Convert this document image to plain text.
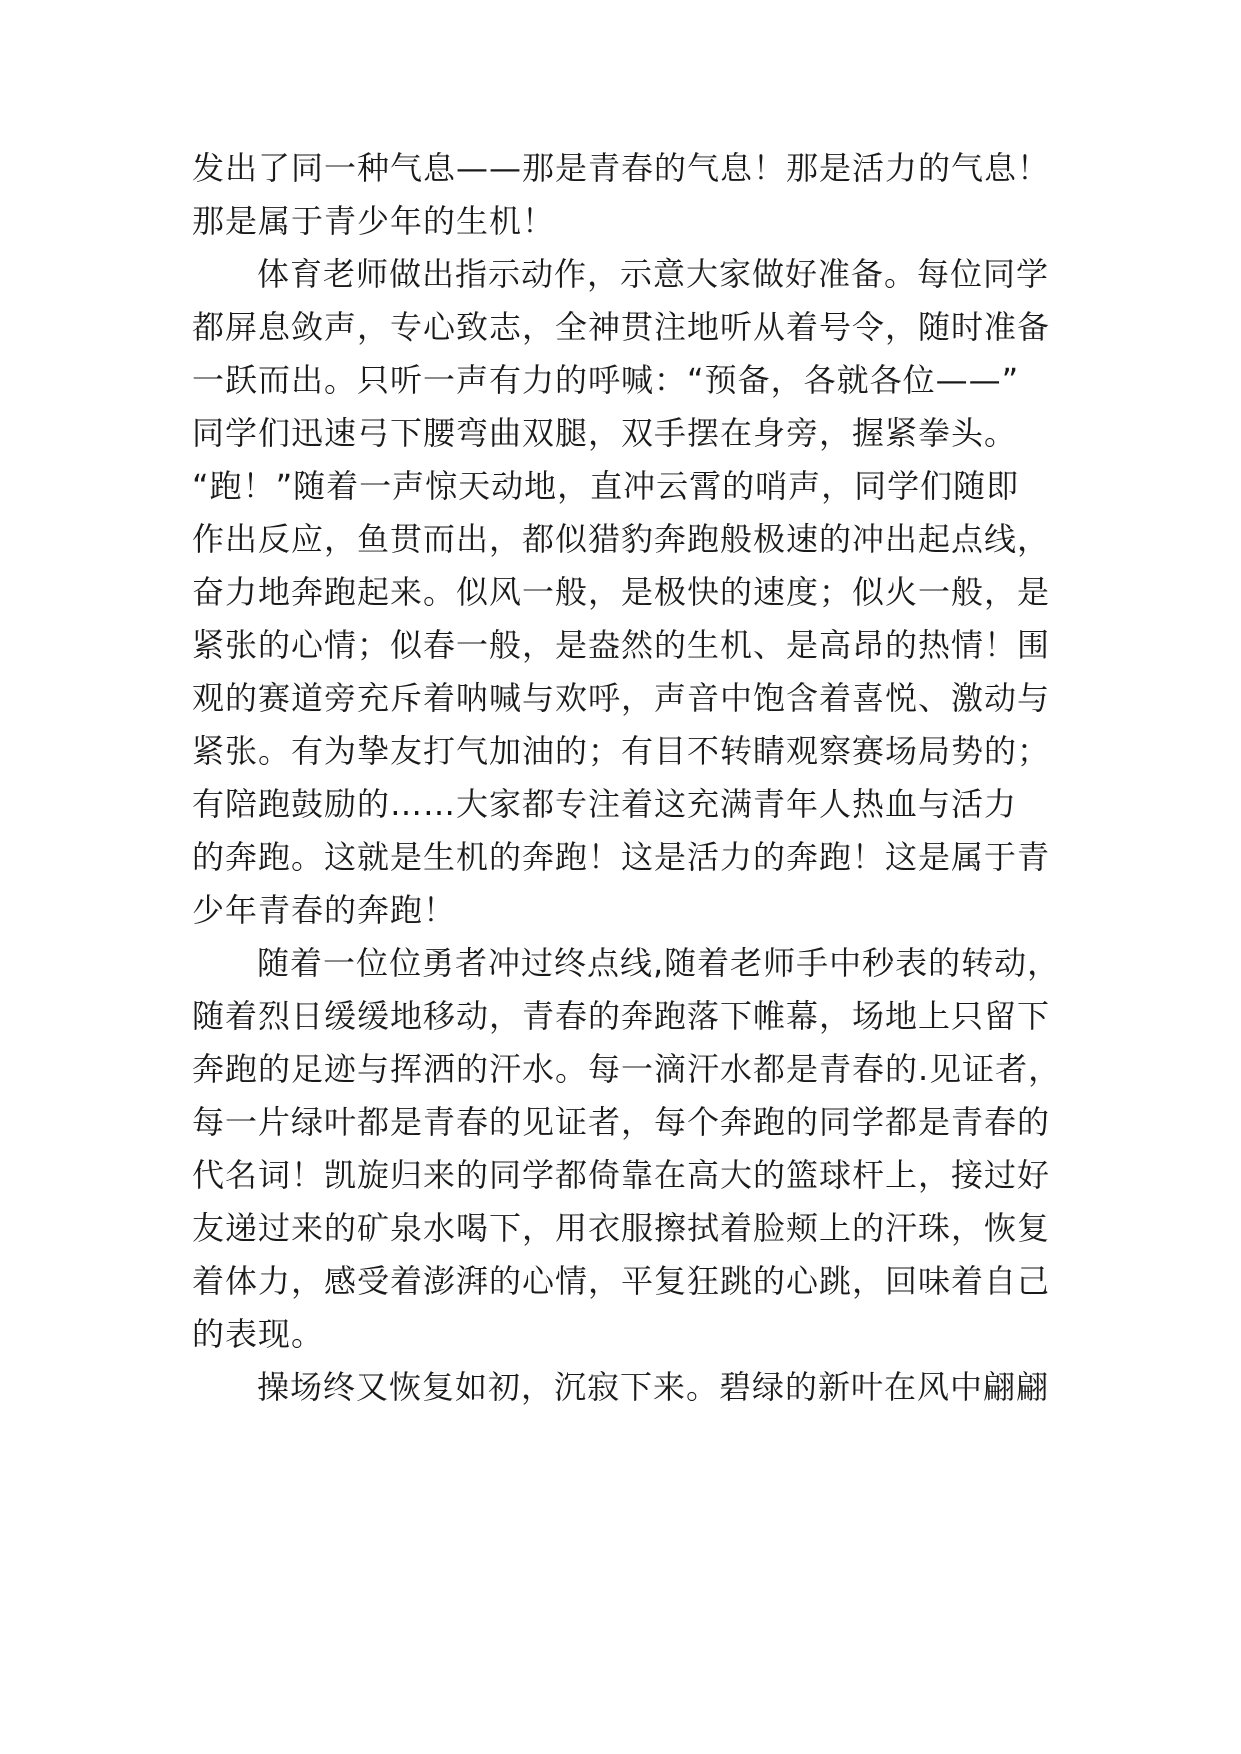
发出了同一种气息——那是青春的气息！那是活力的气息！

那是属于青少年的生机！

体育老师做出指示动作，示意大家做好准备。每位同学

都屏息敛声，专心致志，全神贯注地听从着号令，随时准备

一跃而出。只听一声有力的呼喊：“预备，各就各位——”

同学们迅速弓下腰弯曲双腿，双手摆在身旁，握紧拳头。

“跑！”随着一声惊天动地，直冲云霄的哨声，同学们随即

作出反应，鱼贯而出，都似猎豹奔跑般极速的冲出起点线，

奋力地奔跑起来。似风一般，是极快的速度；似火一般，是

紧张的心情；似春一般，是盎然的生机、是高昂的热情！围

观的赛道旁充斥着呐喊与欢呼，声音中饱含着喜悦、激动与

紧张。有为挚友打气加油的；有目不转睛观察赛场局势的；

有陪跑鼓励的……大家都专注着这充满青年人热血与活力

的奔跑。这就是生机的奔跑！这是活力的奔跑！这是属于青

少年青春的奔跑！

随着一位位勇者冲过终点线,随着老师手中秒表的转动，

随着烈日缓缓地移动，青春的奔跑落下帷幕，场地上只留下

奔跑的足迹与挥洒的汗水。每一滴汗水都是青春的.见证者，

每一片绿叶都是青春的见证者，每个奔跑的同学都是青春的

代名词！凯旋归来的同学都倚靠在高大的篮球杆上，接过好

友递过来的矿泉水喝下，用衣服擦拭着脸颊上的汗珠，恢复

着体力，感受着澎湃的心情，平复狂跳的心跳，回味着自己

的表现。

操场终又恢复如初，沉寂下来。碧绿的新叶在风中翩翩
